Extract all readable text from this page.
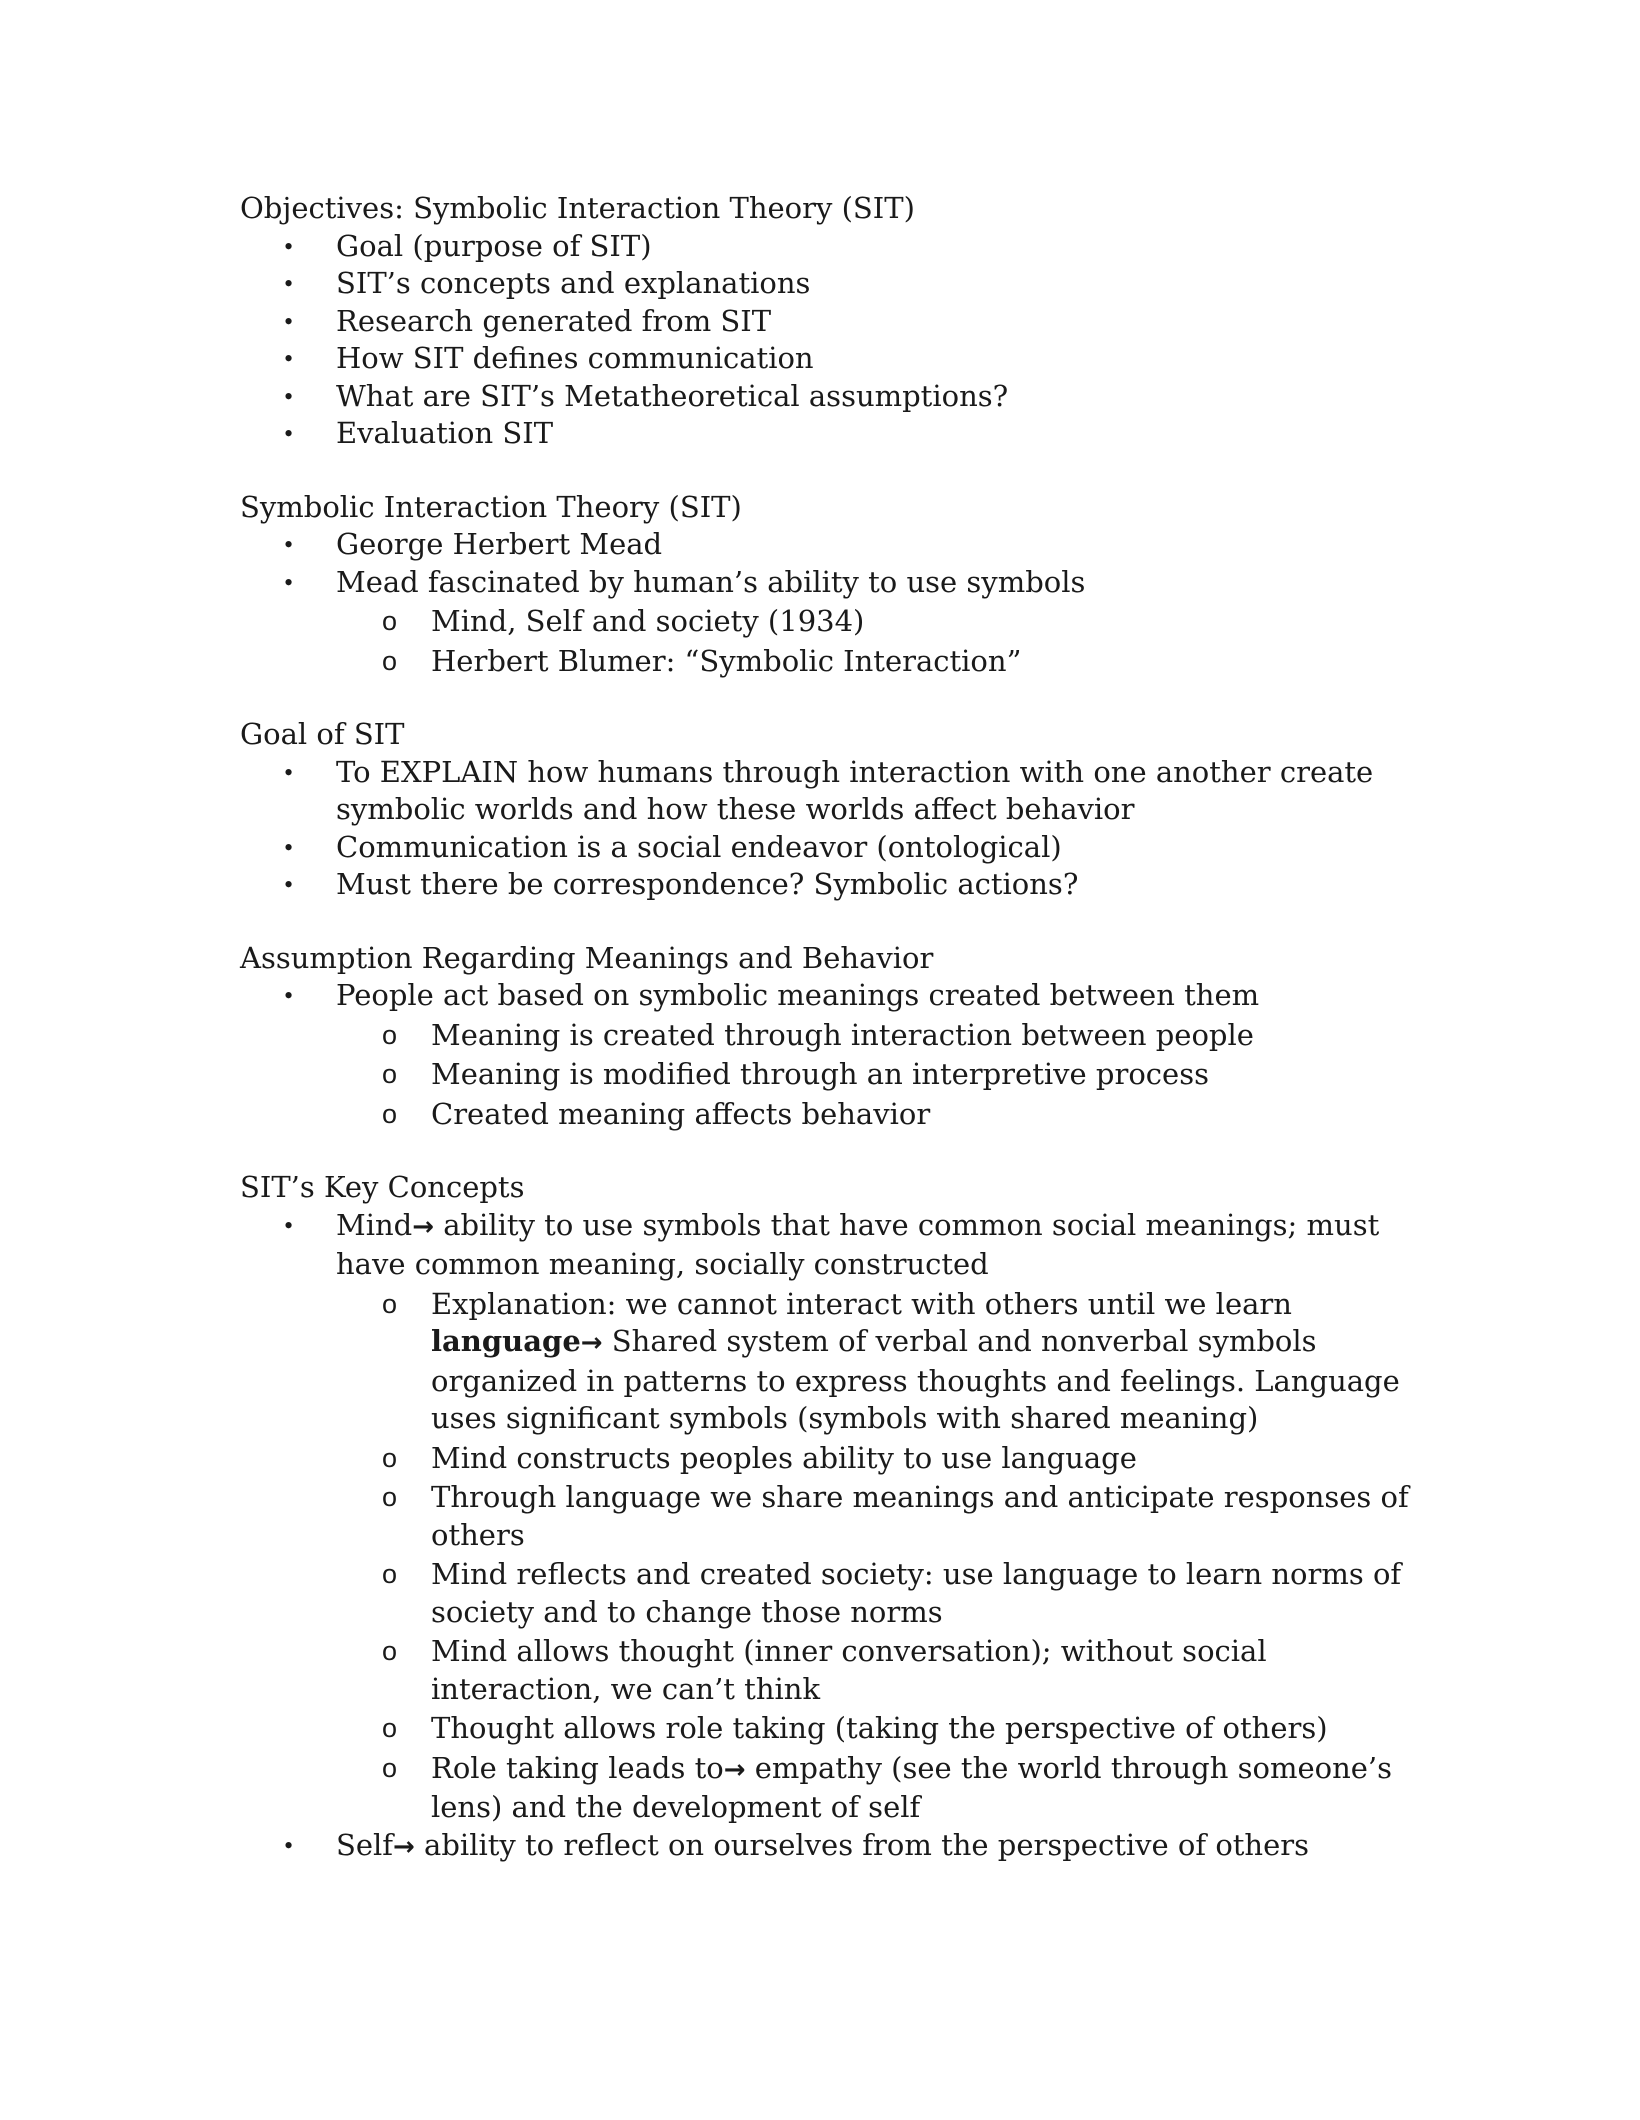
Objectives: Symbolic Interaction Theory (SIT)

• Goal (purpose of SIT)
• SIT’s concepts and explanations
• Research generated from SIT
• How SIT defines communication
• What are SIT’s Metatheoretical assumptions?
• Evaluation SIT

Symbolic Interaction Theory (SIT)

• George Herbert Mead
• Mead fascinated by human’s ability to use symbols
o Mind, Self and society (1934)
o Herbert Blumer: “Symbolic Interaction”

Goal of SIT

• To EXPLAIN how humans through interaction with one another create symbolic worlds and how these worlds affect behavior
• Communication is a social endeavor (ontological)
• Must there be correspondence? Symbolic actions?

Assumption Regarding Meanings and Behavior

• People act based on symbolic meanings created between them
o Meaning is created through interaction between people
o Meaning is modified through an interpretive process
o Created meaning affects behavior

SIT’s Key Concepts

• Mind→ ability to use symbols that have common social meanings; must have common meaning, socially constructed
o Explanation: we cannot interact with others until we learn language→ Shared system of verbal and nonverbal symbols organized in patterns to express thoughts and feelings. Language uses significant symbols (symbols with shared meaning)
o Mind constructs peoples ability to use language
o Through language we share meanings and anticipate responses of others
o Mind reflects and created society: use language to learn norms of society and to change those norms
o Mind allows thought (inner conversation); without social interaction, we can’t think
o Thought allows role taking (taking the perspective of others)
o Role taking leads to→ empathy (see the world through someone’s lens) and the development of self
• Self→ ability to reflect on ourselves from the perspective of others
